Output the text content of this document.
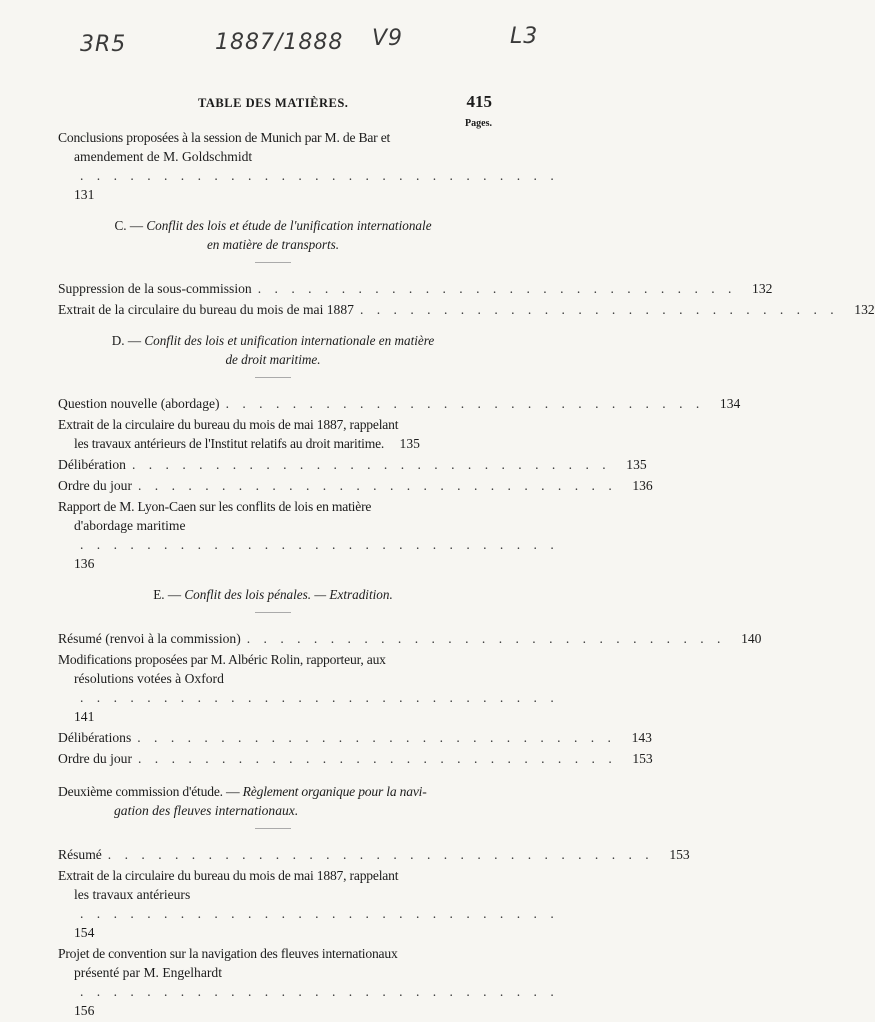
3R5	1887/1888 V9	L3
TABLE DES MATIÈRES.	415
Pages.
Conclusions proposées à la session de Munich par M. de Bar et
amendement de M. Goldschmidt . . . . . . . . . . . . . . . . . . . . . . . . . . . . . 131
C. — Conflit des lois et étude de l'unification internationale
en matière de transports.
Suppression de la sous-commission . . . . . . . . . . . . . . . . . . . . . . . . . . . . .	132
Extrait de la circulaire du bureau du mois de mai 1887 . . . . . . . . . . . . . . . . . . . . . . . . . . . . .	132
D. — Conflit des lois et unification internationale en matière
de droit maritime.
Question nouvelle (abordage) . . . . . . . . . . . . . . . . . . . . . . . . . . . . .	134
Extrait de la circulaire du bureau du mois de mai 1887, rappelant
les travaux antérieurs de l'Institut relatifs au droit maritime. 135
Délibération . . . . . . . . . . . . . . . . . . . . . . . . . . . . .	135
Ordre du jour . . . . . . . . . . . . . . . . . . . . . . . . . . . . .	136
Rapport de M. Lyon-Caen sur les conflits de lois en matière
d'abordage maritime . . . . . . . . . . . . . . . . . . . . . . . . . . . . . 136
E. — Conflit des lois pénales. — Extradition.
Résumé (renvoi à la commission) . . . . . . . . . . . . . . . . . . . . . . . . . . . . .	140
Modifications proposées par M. Albéric Rolin, rapporteur, aux
résolutions votées à Oxford . . . . . . . . . . . . . . . . . . . . . . . . . . . . . 141
Délibérations . . . . . . . . . . . . . . . . . . . . . . . . . . . . .	143
Ordre du jour . . . . . . . . . . . . . . . . . . . . . . . . . . . . .	153
Deuxième commission d'étude. — Règlement organique pour la navi-
gation des fleuves internationaux.
Résumé . . . . . . . . . . . . . . . . . . . . . . . . . . . . . . . . .	153
Extrait de la circulaire du bureau du mois de mai 1887, rappelant
les travaux antérieurs . . . . . . . . . . . . . . . . . . . . . . . . . . . . . 154
Projet de convention sur la navigation des fleuves internationaux
présenté par M. Engelhardt . . . . . . . . . . . . . . . . . . . . . . . . . . . . . 156
